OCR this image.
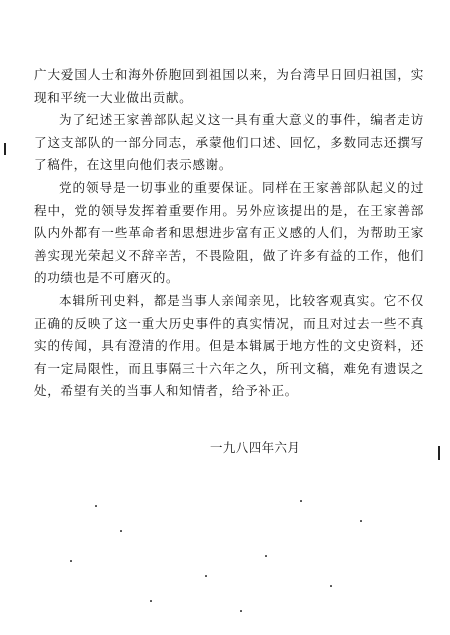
广大爱国人士和海外侨胞回到祖国以来，为台湾早日回归祖国，实现和平统一大业做出贡献。

为了纪述王家善部队起义这一具有重大意义的事件，编者走访了这支部队的一部分同志，承蒙他们口述、回忆，多数同志还撰写了稿件，在这里向他们表示感谢。

党的领导是一切事业的重要保证。同样在王家善部队起义的过程中，党的领导发挥着重要作用。另外应该提出的是，在王家善部队内外都有一些革命者和思想进步富有正义感的人们，为帮助王家善实现光荣起义不辞辛苦，不畏险阻，做了许多有益的工作，他们的功绩也是不可磨灭的。

本辑所刊史料，都是当事人亲闻亲见，比较客观真实。它不仅正确的反映了这一重大历史事件的真实情况，而且对过去一些不真实的传闻，具有澄清的作用。但是本辑属于地方性的文史资料，还有一定局限性，而且事隔三十六年之久，所刊文稿，难免有遗误之处，希望有关的当事人和知情者，给予补正。

一九八四年六月
